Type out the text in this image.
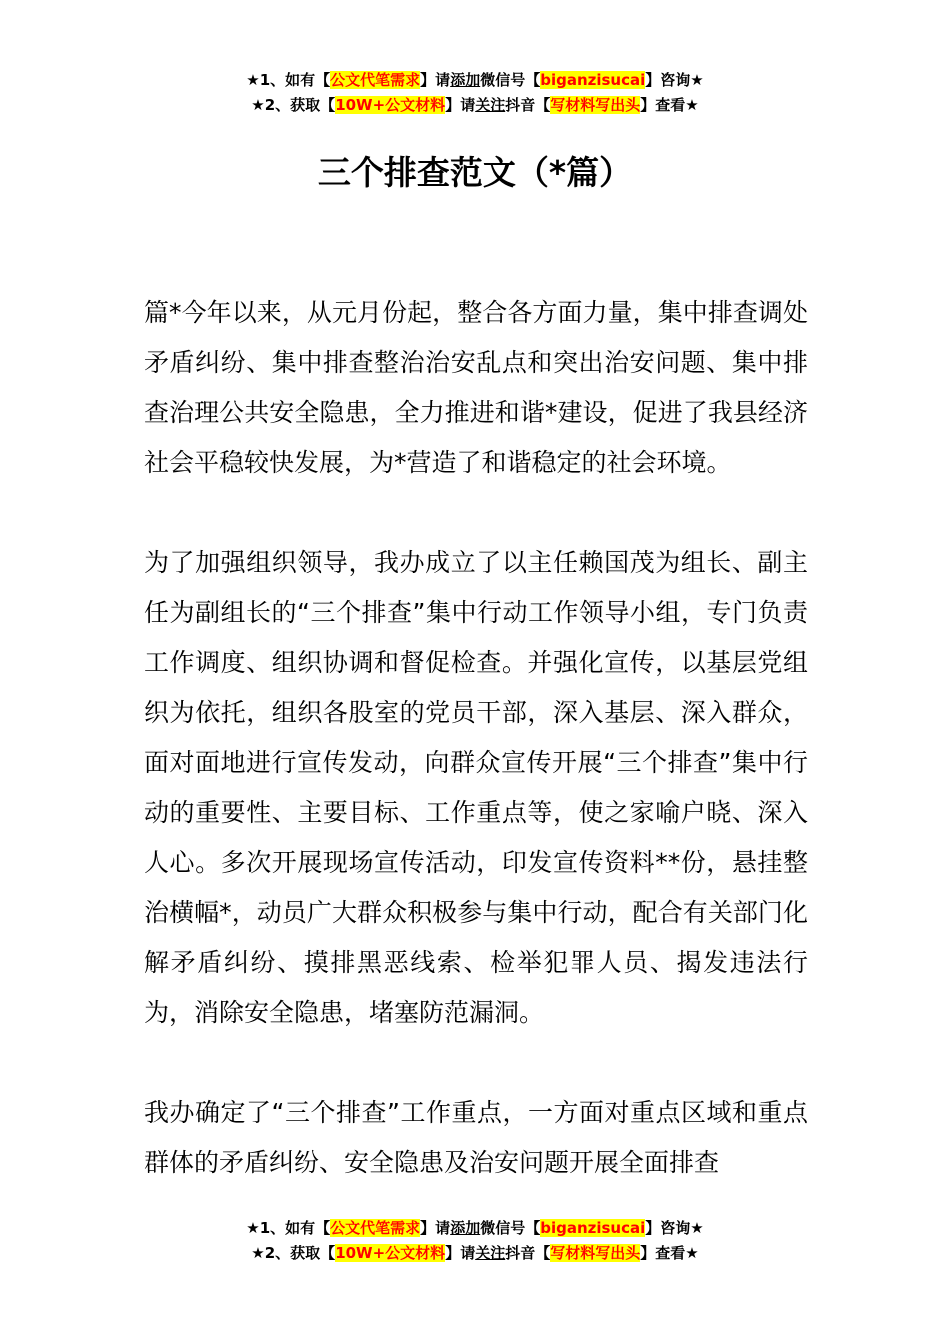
★1、如有【公文代笔需求】请添加微信号【biganzisucai】咨询★
★2、获取【10W+公文材料】请关注抖音【写材料写出头】查看★
三个排查范文（*篇）

篇*今年以来，从元月份起，整合各方面力量，集中排查调处矛盾纠纷、集中排查整治治安乱点和突出治安问题、集中排查治理公共安全隐患，全力推进和谐*建设，促进了我县经济社会平稳较快发展，为*营造了和谐稳定的社会环境。

为了加强组织领导，我办成立了以主任赖国茂为组长、副主任为副组长的“三个排查”集中行动工作领导小组，专门负责工作调度、组织协调和督促检查。并强化宣传，以基层党组织为依托，组织各股室的党员干部，深入基层、深入群众，面对面地进行宣传发动，向群众宣传开展“三个排查”集中行动的重要性、主要目标、工作重点等，使之家喻户晓、深入人心。多次开展现场宣传活动，印发宣传资料**份，悬挂整治横幅*，动员广大群众积极参与集中行动，配合有关部门化解矛盾纠纷、摸排黑恶线索、检举犯罪人员、揭发违法行为，消除安全隐患，堵塞防范漏洞。

我办确定了“三个排查”工作重点，一方面对重点区域和重点群体的矛盾纠纷、安全隐患及治安问题开展全面排查

★1、如有【公文代笔需求】请添加微信号【biganzisucai】咨询★
★2、获取【10W+公文材料】请关注抖音【写材料写出头】查看★
